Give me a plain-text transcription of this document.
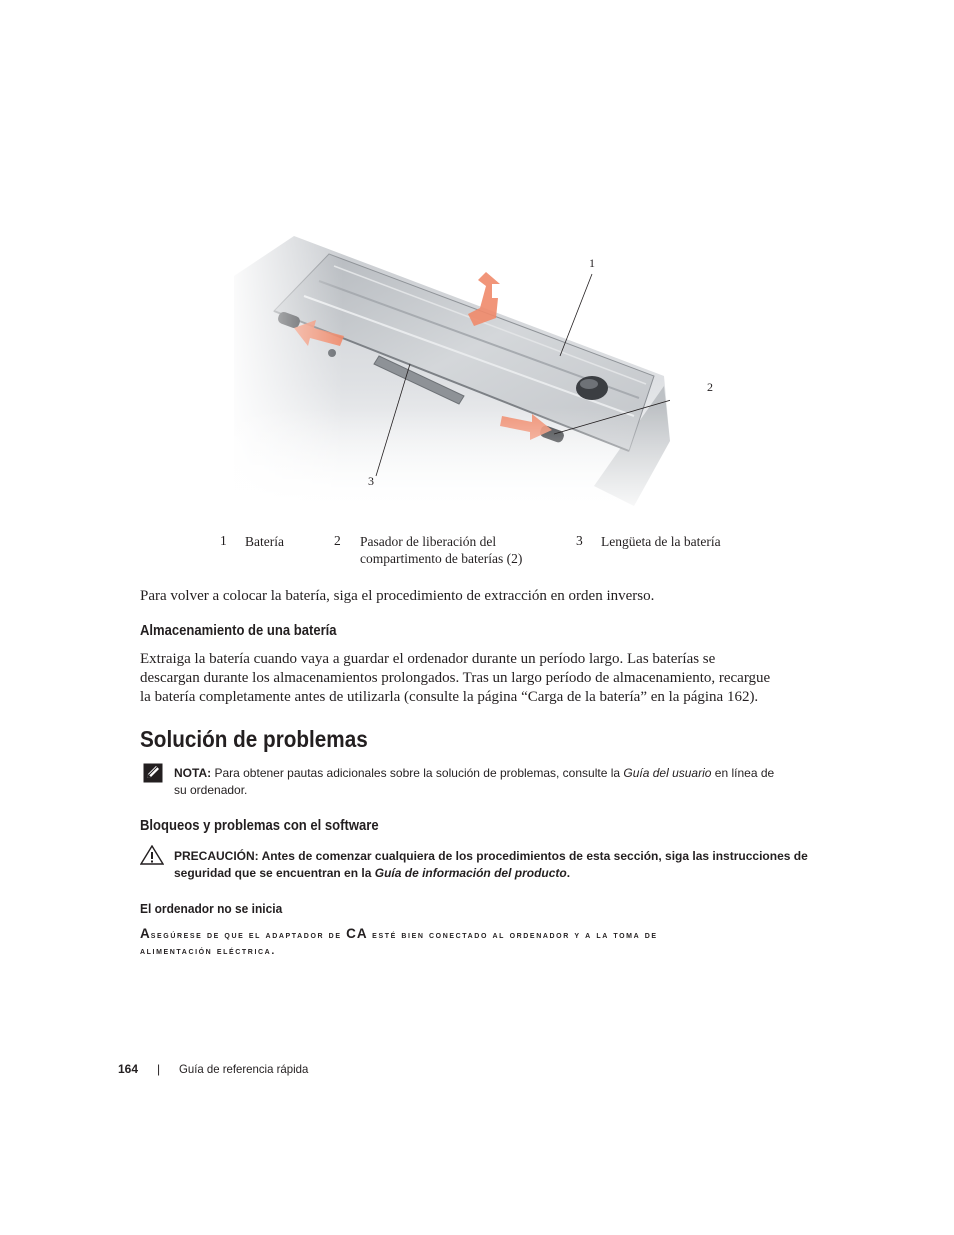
1
2
3
1 Batería	2 Pasador de liberación del
compartimento de baterías (2)
3 Lengüeta de la batería
Para volver a colocar la batería, siga el procedimiento de extracción en orden inverso.
Almacenamiento de una batería
Extraiga la batería cuando vaya a guardar el ordenador durante un período largo. Las baterías se
descargan durante los almacenamientos prolongados. Tras un largo período de almacenamiento, recargue
la batería completamente antes de utilizarla (consulte la página “Carga de la batería” en la página 162).
Solución de problemas
NOTA: Para obtener pautas adicionales sobre la solución de problemas, consulte la Guía del usuario en línea de
su ordenador.
Bloqueos y problemas con el software
PRECAUCIÓN: Antes de comenzar cualquiera de los procedimientos de esta sección, siga las instrucciones de
seguridad que se encuentran en la Guía de información del producto.
El ordenador no se inicia
Asegúrese de que el adaptador de CA esté bien conectado al ordenador y a la toma de
alimentación eléctrica.
164 | Guía de referencia rápida
